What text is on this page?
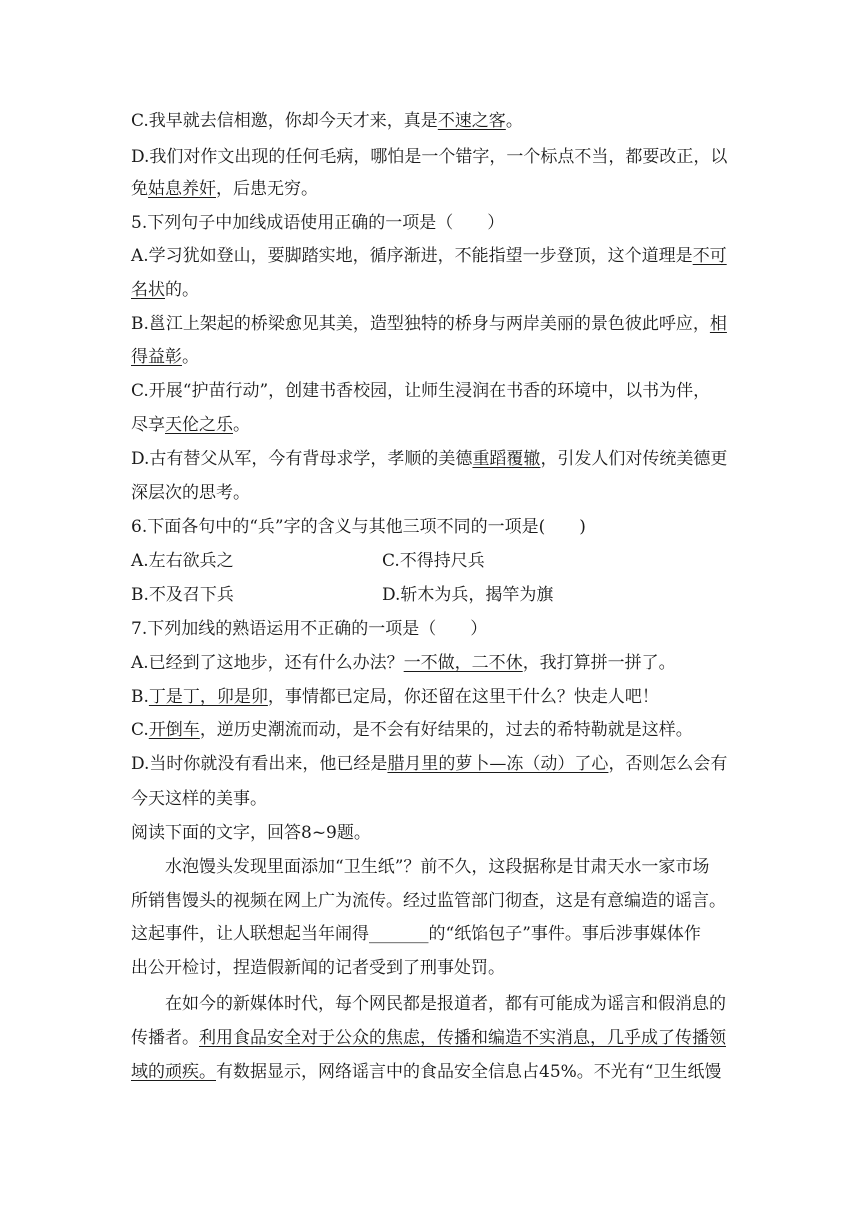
C.我早就去信相邀，你却今天才来，真是不速之客。
D.我们对作文出现的任何毛病，哪怕是一个错字，一个标点不当，都要改正，以
免姑息养奸，后患无穷。
5.下列句子中加线成语使用正确的一项是（　　）
A.学习犹如登山，要脚踏实地，循序渐进，不能指望一步登顶，这个道理是不可
名状的。
B.邕江上架起的桥梁愈见其美，造型独特的桥身与两岸美丽的景色彼此呼应，相
得益彰。
C.开展“护苗行动”，创建书香校园，让师生浸润在书香的环境中，以书为伴，
尽享天伦之乐。
D.古有替父从军，今有背母求学，孝顺的美德重蹈覆辙，引发人们对传统美德更
深层次的思考。
6.下面各句中的“兵”字的含义与其他三项不同的一项是(　　)
A.左右欲兵之	C.不得持尺兵
B.不及召下兵	D.斩木为兵，揭竿为旗
7.下列加线的熟语运用不正确的一项是（　　）
A.已经到了这地步，还有什么办法？一不做，二不休，我打算拼一拼了。
B.丁是丁，卯是卯，事情都已定局，你还留在这里干什么？快走人吧！
C.开倒车，逆历史潮流而动，是不会有好结果的，过去的希特勒就是这样。
D.当时你就没有看出来，他已经是腊月里的萝卜—冻（动）了心，否则怎么会有
今天这样的美事。
阅读下面的文字，回答8~9题。
水泡馒头发现里面添加“卫生纸”？前不久，这段据称是甘肃天水一家市场
所销售馒头的视频在网上广为流传。经过监管部门彻查，这是有意编造的谣言。
这起事件，让人联想起当年闹得_______的“纸馅包子”事件。事后涉事媒体作
出公开检讨，捏造假新闻的记者受到了刑事处罚。
在如今的新媒体时代，每个网民都是报道者，都有可能成为谣言和假消息的
传播者。利用食品安全对于公众的焦虑，传播和编造不实消息，几乎成了传播领
域的顽疾。有数据显示，网络谣言中的食品安全信息占45%。不光有“卫生纸馒
